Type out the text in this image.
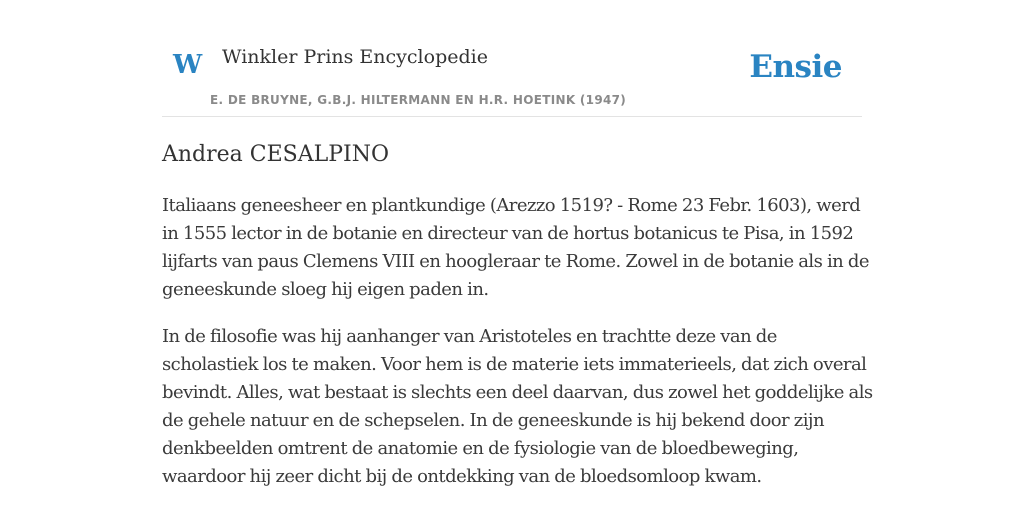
W Winkler Prins Encyclopedie
E. DE BRUYNE, G.B.J. HILTERMANN EN H.R. HOETINK (1947)
Ensie
Andrea CESALPINO

Italiaans geneesheer en plantkundige (Arezzo 1519? - Rome 23 Febr. 1603), werd
in 1555 lector in de botanie en directeur van de hortus botanicus te Pisa, in 1592
lijfarts van paus Clemens VIII en hoogleraar te Rome. Zowel in de botanie als in de
geneeskunde sloeg hij eigen paden in.

In de filosofie was hij aanhanger van Aristoteles en trachtte deze van de
scholastiek los te maken. Voor hem is de materie iets immaterieels, dat zich overal
bevindt. Alles, wat bestaat is slechts een deel daarvan, dus zowel het goddelijke als
de gehele natuur en de schepselen. In de geneeskunde is hij bekend door zijn
denkbeelden omtrent de anatomie en de fysiologie van de bloedbeweging,
waardoor hij zeer dicht bij de ontdekking van de bloedsomloop kwam.
